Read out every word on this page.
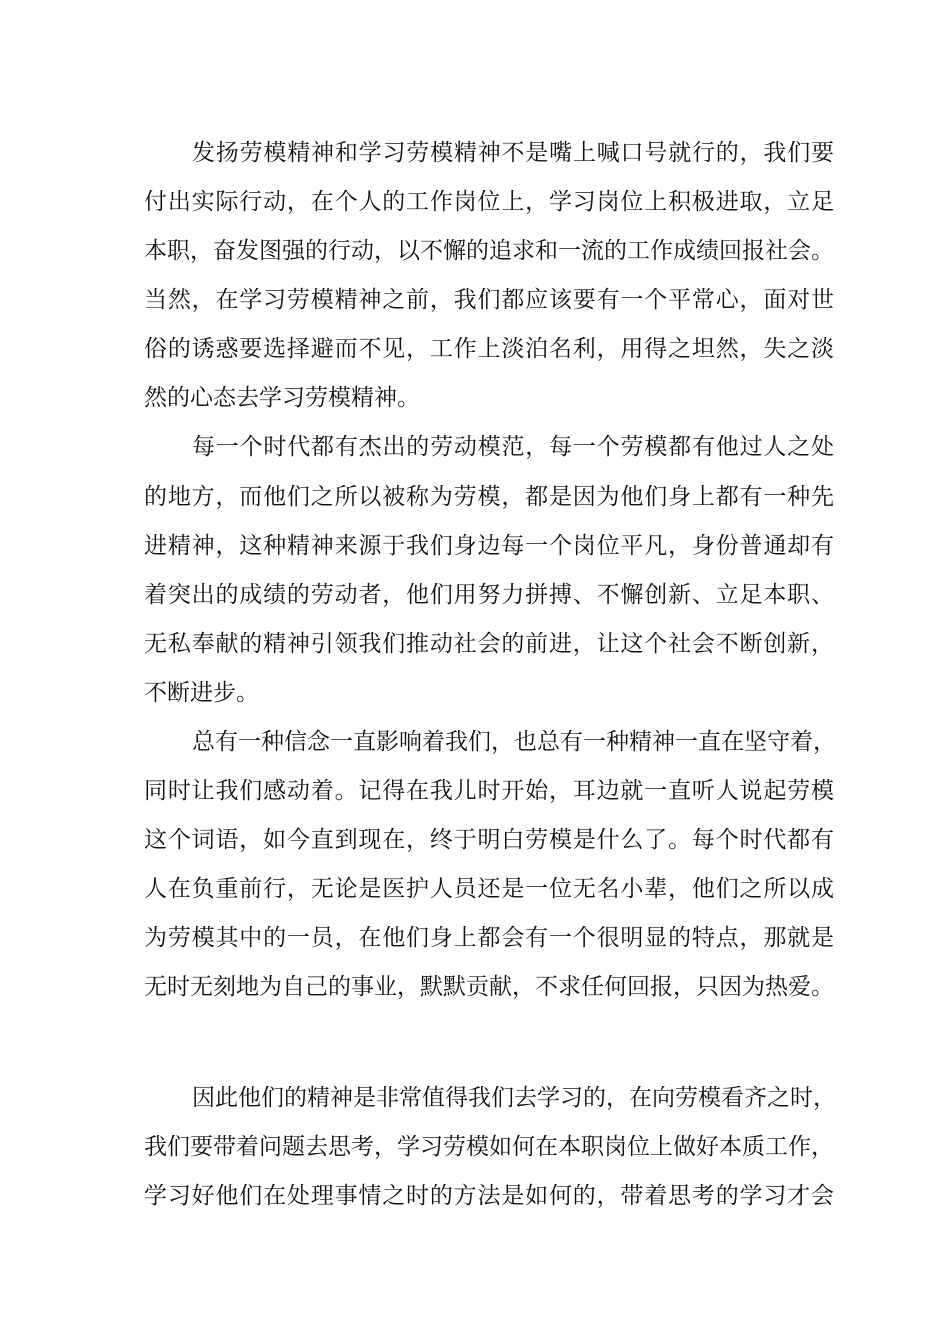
发扬劳模精神和学习劳模精神不是嘴上喊口号就行的，我们要
付出实际行动，在个人的工作岗位上，学习岗位上积极进取，立足
本职，奋发图强的行动，以不懈的追求和一流的工作成绩回报社会。
当然，在学习劳模精神之前，我们都应该要有一个平常心，面对世
俗的诱惑要选择避而不见，工作上淡泊名利，用得之坦然，失之淡
然的心态去学习劳模精神。
每一个时代都有杰出的劳动模范，每一个劳模都有他过人之处
的地方，而他们之所以被称为劳模，都是因为他们身上都有一种先
进精神，这种精神来源于我们身边每一个岗位平凡，身份普通却有
着突出的成绩的劳动者，他们用努力拼搏、不懈创新、立足本职、
无私奉献的精神引领我们推动社会的前进，让这个社会不断创新，
不断进步。
总有一种信念一直影响着我们，也总有一种精神一直在坚守着，
同时让我们感动着。记得在我儿时开始，耳边就一直听人说起劳模
这个词语，如今直到现在，终于明白劳模是什么了。每个时代都有
人在负重前行，无论是医护人员还是一位无名小辈，他们之所以成
为劳模其中的一员，在他们身上都会有一个很明显的特点，那就是
无时无刻地为自己的事业，默默贡献，不求任何回报，只因为热爱。
因此他们的精神是非常值得我们去学习的，在向劳模看齐之时，
我们要带着问题去思考，学习劳模如何在本职岗位上做好本质工作，
学习好他们在处理事情之时的方法是如何的，带着思考的学习才会
